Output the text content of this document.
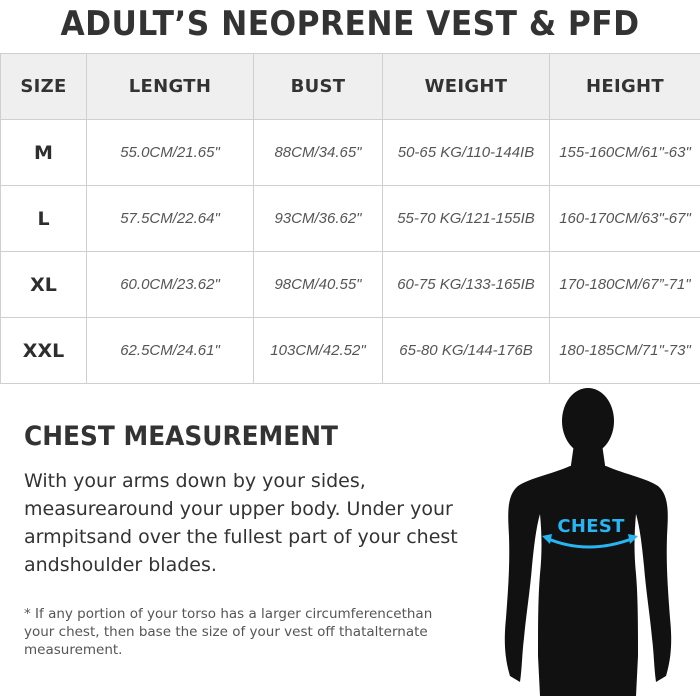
ADULT’S NEOPRENE VEST & PFD
SIZE	LENGTH	BUST	WEIGHT	HEIGHT
M	55.0CM/21.65"	88CM/34.65"	50-65 KG/110-144IB	155-160CM/61"-63"
L	57.5CM/22.64"	93CM/36.62"	55-70 KG/121-155IB	160-170CM/63"-67"
XL	60.0CM/23.62"	98CM/40.55"	60-75 KG/133-165IB	170-180CM/67”-71"
XXL	62.5CM/24.61"	103CM/42.52"	65-80 KG/144-176B	180-185CM/71"-73"
CHEST MEASUREMENT

With your arms down by your sides,
measurearound your upper body. Under your
armpitsand over the fullest part of your chest
andshoulder blades.

* If any portion of your torso has a larger circumferencethan
your chest, then base the size of your vest off thatalternate
measurement.

CHEST
